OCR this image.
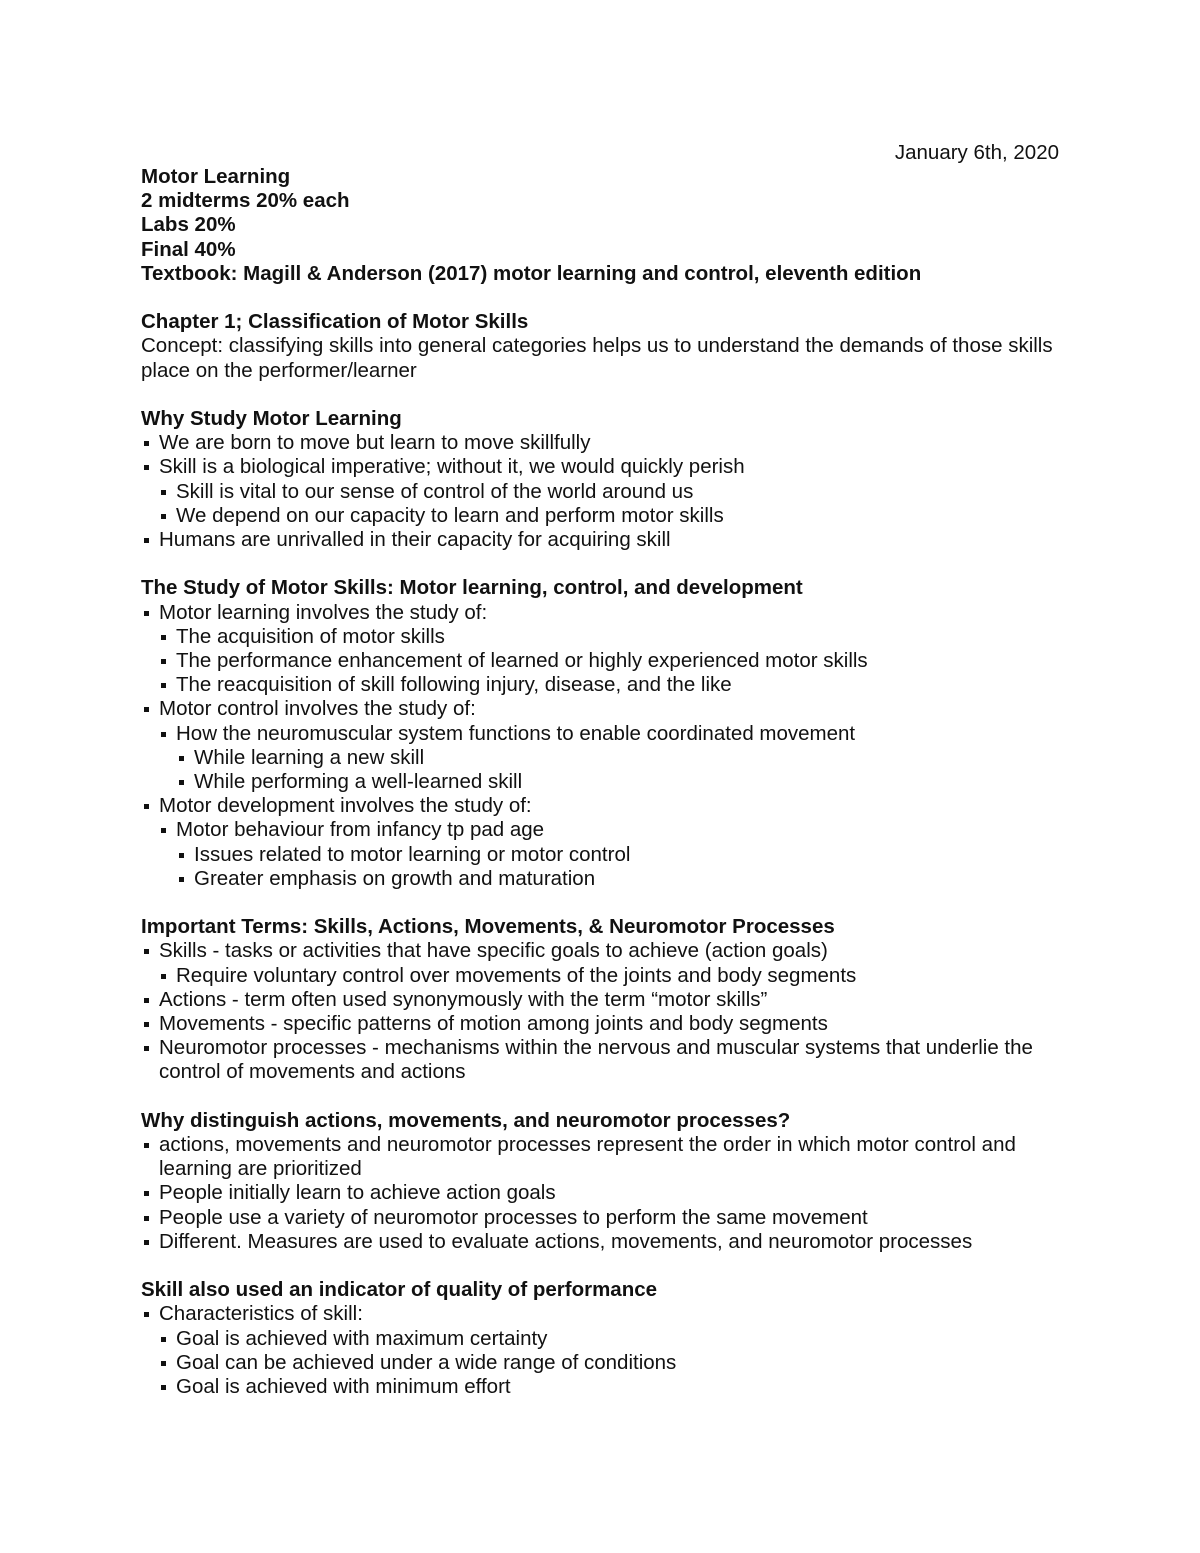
January 6th, 2020

Motor Learning

2 midterms 20% each

Labs 20%

Final 40%

Textbook: Magill & Anderson (2017) motor learning and control, eleventh edition

Chapter 1; Classification of Motor Skills

Concept: classifying skills into general categories helps us to understand the demands of those skills place on the performer/learner

Why Study Motor Learning

We are born to move but learn to move skillfully
Skill is a biological imperative; without it, we would quickly perish
Skill is vital to our sense of control of the world around us
We depend on our capacity to learn and perform motor skills
Humans are unrivalled in their capacity for acquiring skill

The Study of Motor Skills: Motor learning, control, and development

Motor learning involves the study of:
The acquisition of motor skills
The performance enhancement of learned or highly experienced motor skills
The reacquisition of skill following injury, disease, and the like
Motor control involves the study of:
How the neuromuscular system functions to enable coordinated movement
While learning a new skill
While performing a well-learned skill
Motor development involves the study of:
Motor behaviour from infancy tp pad age
Issues related to motor learning or motor control
Greater emphasis on growth and maturation

Important Terms: Skills, Actions, Movements, & Neuromotor Processes

Skills - tasks or activities that have specific goals to achieve (action goals)
Require voluntary control over movements of the joints and body segments
Actions - term often used synonymously with the term “motor skills”
Movements - specific patterns of motion among joints and body segments
Neuromotor processes - mechanisms within the nervous and muscular systems that underlie the control of movements and actions

Why distinguish actions, movements, and neuromotor processes?

actions, movements and neuromotor processes represent the order in which motor control and learning are prioritized
People initially learn to achieve action goals
People use a variety of neuromotor processes to perform the same movement
Different. Measures are used to evaluate actions, movements, and neuromotor processes

Skill also used an indicator of quality of performance

Characteristics of skill:
Goal is achieved with maximum certainty
Goal can be achieved under a wide range of conditions
Goal is achieved with minimum effort
